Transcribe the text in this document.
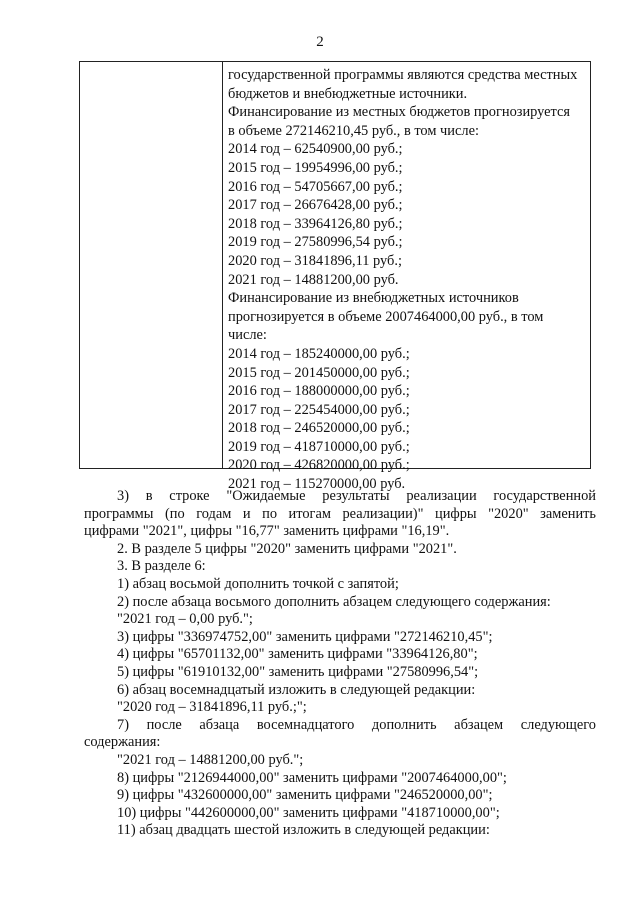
2
государственной программы являются средства местных
бюджетов и внебюджетные источники.
Финансирование из местных бюджетов прогнозируется
в объеме 272146210,45 руб., в том числе:
2014 год – 62540900,00 руб.;
2015 год – 19954996,00 руб.;
2016 год – 54705667,00 руб.;
2017 год – 26676428,00 руб.;
2018 год – 33964126,80 руб.;
2019 год – 27580996,54 руб.;
2020 год – 31841896,11 руб.;
2021 год – 14881200,00 руб.
Финансирование из внебюджетных источников
прогнозируется в объеме 2007464000,00 руб., в том
числе:
2014 год – 185240000,00 руб.;
2015 год – 201450000,00 руб.;
2016 год – 188000000,00 руб.;
2017 год – 225454000,00 руб.;
2018 год – 246520000,00 руб.;
2019 год – 418710000,00 руб.;
2020 год – 426820000,00 руб.;
2021 год – 115270000,00 руб.
3) в строке "Ожидаемые результаты реализации государственной
программы (по годам и по итогам реализации)" цифры "2020" заменить
цифрами "2021", цифры "16,77" заменить цифрами "16,19".
2. В разделе 5 цифры "2020" заменить цифрами "2021".
3. В разделе 6:
1) абзац восьмой дополнить точкой с запятой;
2) после абзаца восьмого дополнить абзацем следующего содержания:
"2021 год – 0,00 руб.";
3) цифры "336974752,00" заменить цифрами "272146210,45";
4) цифры "65701132,00" заменить цифрами "33964126,80";
5) цифры "61910132,00" заменить цифрами "27580996,54";
6) абзац восемнадцатый изложить в следующей редакции:
"2020 год – 31841896,11 руб.;";
7) после абзаца восемнадцатого дополнить абзацем следующего
содержания:
"2021 год – 14881200,00 руб.";
8) цифры "2126944000,00" заменить цифрами "2007464000,00";
9) цифры "432600000,00" заменить цифрами "246520000,00";
10) цифры "442600000,00" заменить цифрами "418710000,00";
11) абзац двадцать шестой изложить в следующей редакции:
